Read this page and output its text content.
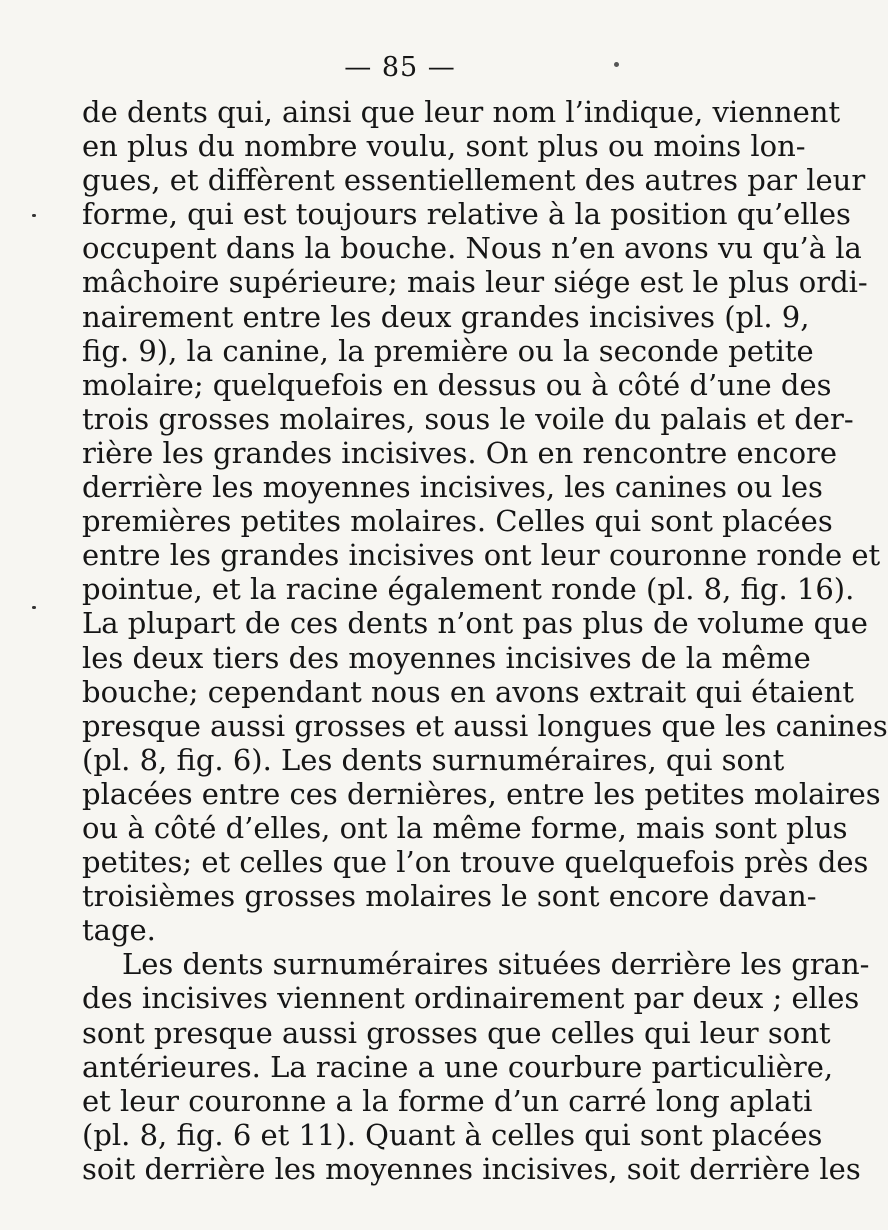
— 85 —
de dents qui, ainsi que leur nom l’indique, viennent
en plus du nombre voulu, sont plus ou moins lon-
gues, et diffèrent essentiellement des autres par leur
forme, qui est toujours relative à la position qu’elles
occupent dans la bouche. Nous n’en avons vu qu’à la
mâchoire supérieure; mais leur siége est le plus ordi-
nairement entre les deux grandes incisives (pl. 9,
fig. 9), la canine, la première ou la seconde petite
molaire; quelquefois en dessus ou à côté d’une des
trois grosses molaires, sous le voile du palais et der-
rière les grandes incisives. On en rencontre encore
derrière les moyennes incisives, les canines ou les
premières petites molaires. Celles qui sont placées
entre les grandes incisives ont leur couronne ronde et
pointue, et la racine également ronde (pl. 8, fig. 16).
La plupart de ces dents n’ont pas plus de volume que
les deux tiers des moyennes incisives de la même
bouche; cependant nous en avons extrait qui étaient
presque aussi grosses et aussi longues que les canines
(pl. 8, fig. 6). Les dents surnuméraires, qui sont
placées entre ces dernières, entre les petites molaires
ou à côté d’elles, ont la même forme, mais sont plus
petites; et celles que l’on trouve quelquefois près des
troisièmes grosses molaires le sont encore davan-
tage.
Les dents surnuméraires situées derrière les gran-
des incisives viennent ordinairement par deux ; elles
sont presque aussi grosses que celles qui leur sont
antérieures. La racine a une courbure particulière,
et leur couronne a la forme d’un carré long aplati
(pl. 8, fig. 6 et 11). Quant à celles qui sont placées
soit derrière les moyennes incisives, soit derrière les
